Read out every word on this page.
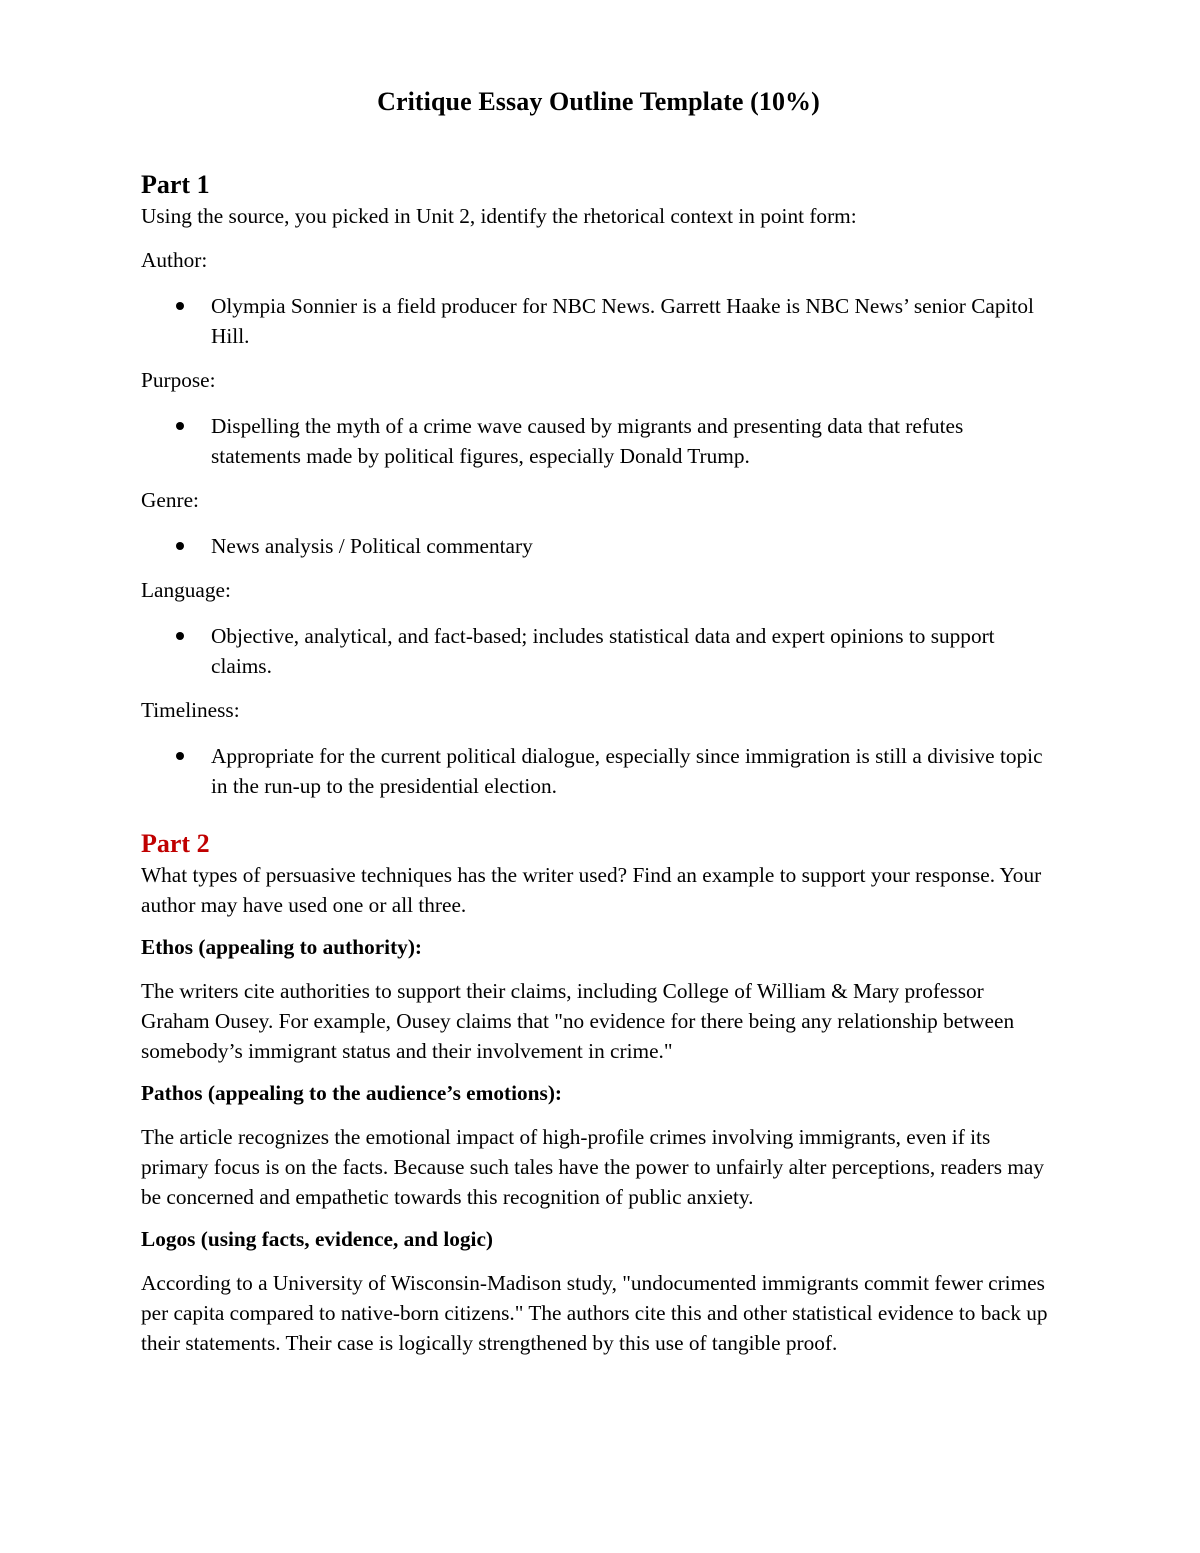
Critique Essay Outline Template (10%)
Part 1

Using the source, you picked in Unit 2, identify the rhetorical context in point form:

Author:

Olympia Sonnier is a field producer for NBC News. Garrett Haake is NBC News’ senior Capitol Hill.

Purpose:

Dispelling the myth of a crime wave caused by migrants and presenting data that refutes statements made by political figures, especially Donald Trump.

Genre:

News analysis / Political commentary

Language:

Objective, analytical, and fact-based; includes statistical data and expert opinions to support claims.

Timeliness:

Appropriate for the current political dialogue, especially since immigration is still a divisive topic in the run-up to the presidential election.
Part 2

What types of persuasive techniques has the writer used? Find an example to support your response. Your author may have used one or all three.

Ethos (appealing to authority):

The writers cite authorities to support their claims, including College of William & Mary professor Graham Ousey. For example, Ousey claims that "no evidence for there being any relationship between somebody’s immigrant status and their involvement in crime."

Pathos (appealing to the audience’s emotions):

The article recognizes the emotional impact of high-profile crimes involving immigrants, even if its primary focus is on the facts. Because such tales have the power to unfairly alter perceptions, readers may be concerned and empathetic towards this recognition of public anxiety.

Logos (using facts, evidence, and logic)

According to a University of Wisconsin-Madison study, "undocumented immigrants commit fewer crimes per capita compared to native-born citizens." The authors cite this and other statistical evidence to back up their statements. Their case is logically strengthened by this use of tangible proof.
